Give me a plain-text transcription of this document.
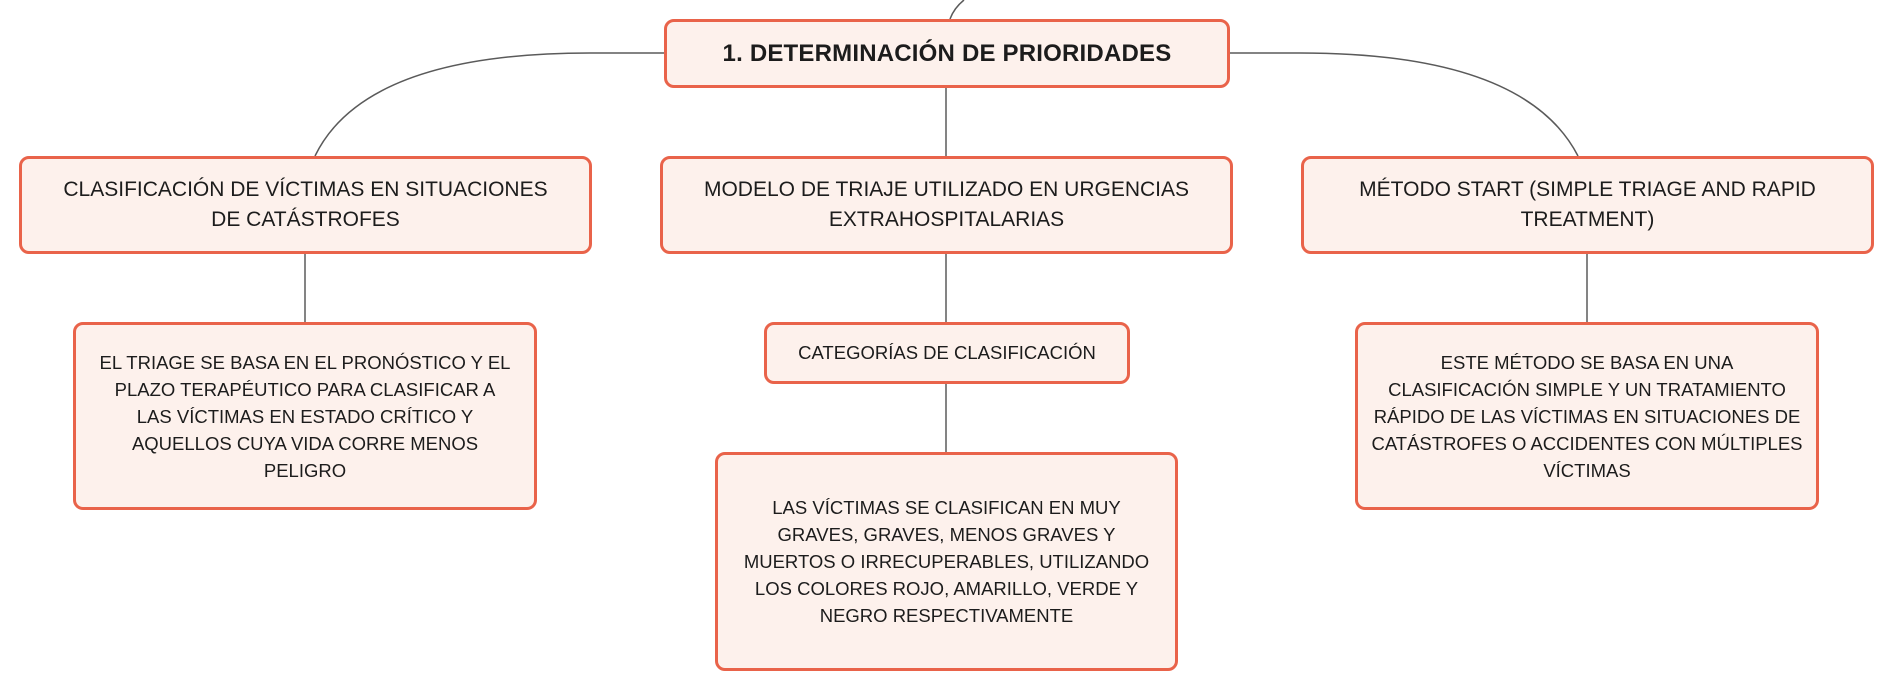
1. DETERMINACIÓN DE PRIORIDADES
CLASIFICACIÓN DE VÍCTIMAS EN SITUACIONES DE CATÁSTROFES
MODELO DE TRIAJE UTILIZADO EN URGENCIAS EXTRAHOSPITALARIAS
MÉTODO START (SIMPLE TRIAGE AND RAPID TREATMENT)
EL TRIAGE SE BASA EN EL PRONÓSTICO Y EL PLAZO TERAPÉUTICO PARA CLASIFICAR A LAS VÍCTIMAS EN ESTADO CRÍTICO Y AQUELLOS CUYA VIDA CORRE MENOS PELIGRO
CATEGORÍAS DE CLASIFICACIÓN
LAS VÍCTIMAS SE CLASIFICAN EN MUY GRAVES, GRAVES, MENOS GRAVES Y MUERTOS O IRRECUPERABLES, UTILIZANDO LOS COLORES ROJO, AMARILLO, VERDE Y NEGRO RESPECTIVAMENTE
ESTE MÉTODO SE BASA EN UNA CLASIFICACIÓN SIMPLE Y UN TRATAMIENTO RÁPIDO DE LAS VÍCTIMAS EN SITUACIONES DE CATÁSTROFES O ACCIDENTES CON MÚLTIPLES VÍCTIMAS
